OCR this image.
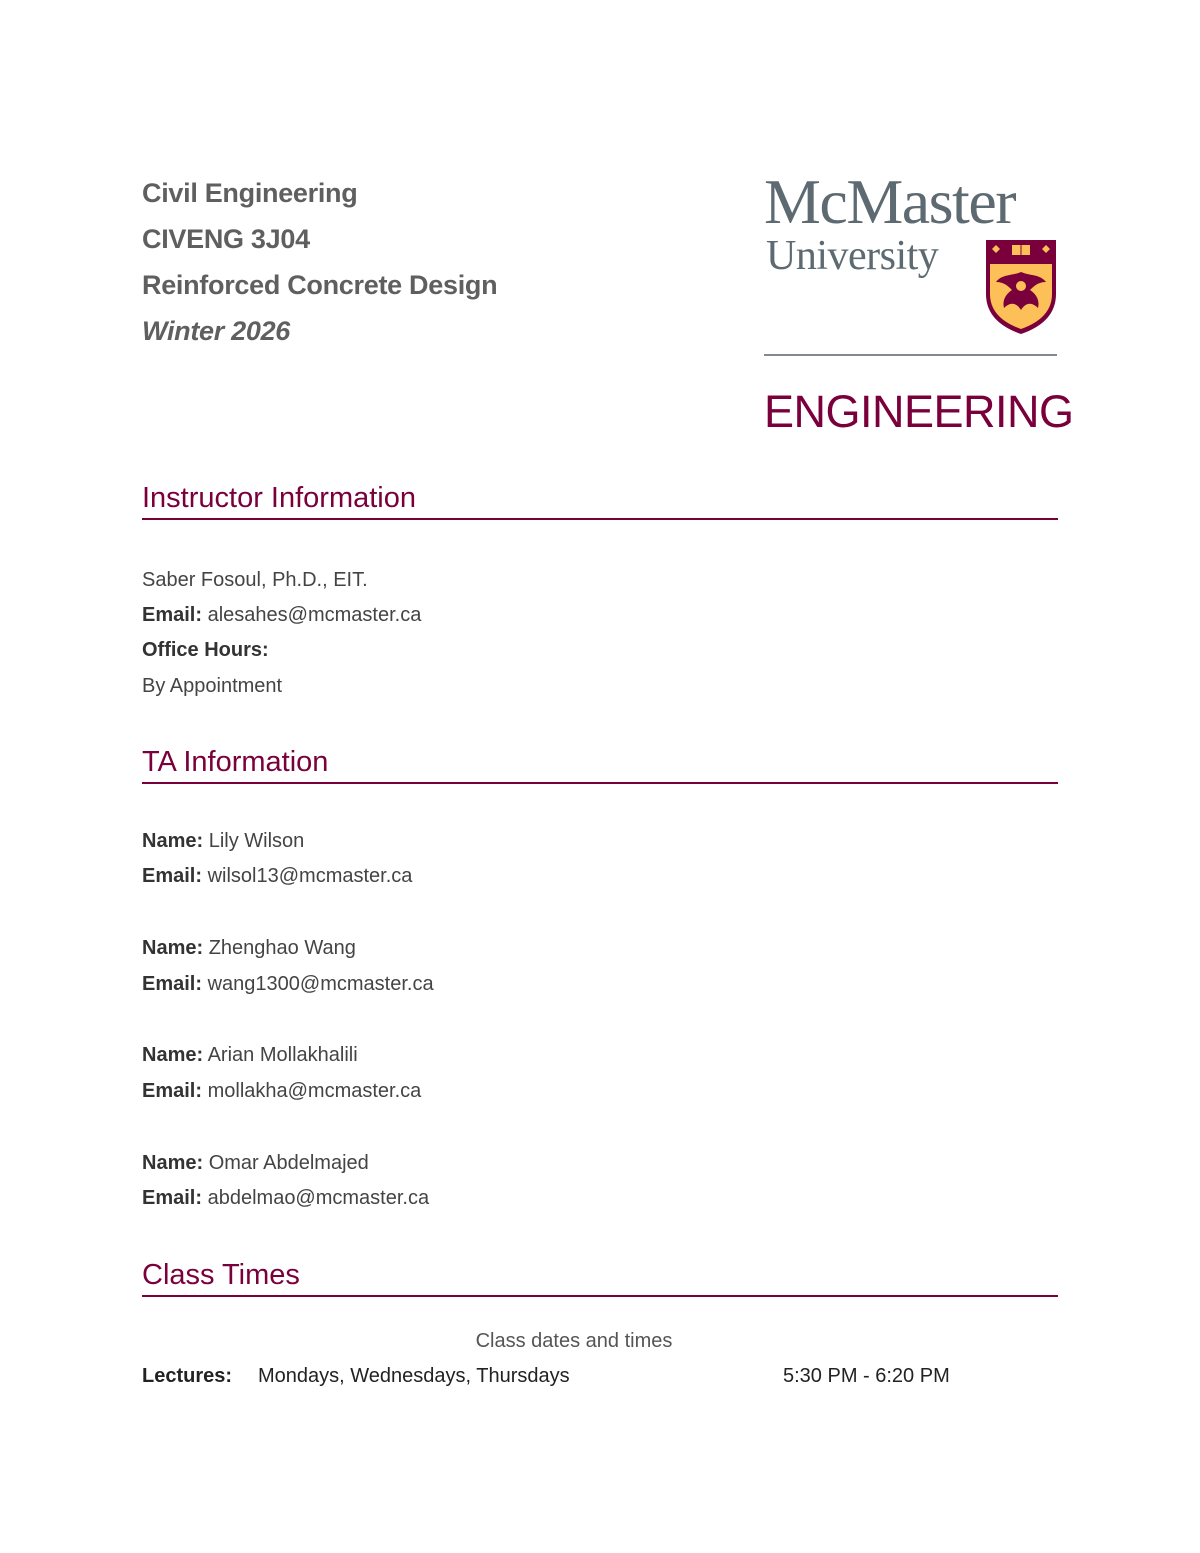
Civil Engineering
CIVENG 3J04
Reinforced Concrete Design
Winter 2026
McMaster
University
ENGINEERING
Instructor Information
Saber Fosoul, Ph.D., EIT.
Email: alesahes@mcmaster.ca
Office Hours:
By Appointment
TA Information
Name: Lily Wilson
Email: wilsol13@mcmaster.ca
Name: Zhenghao Wang
Email: wang1300@mcmaster.ca
Name: Arian Mollakhalili
Email: mollakha@mcmaster.ca
Name: Omar Abdelmajed
Email: abdelmao@mcmaster.ca
Class Times
Class dates and times
Lectures: Mondays, Wednesdays, Thursdays	5:30 PM - 6:20 PM
